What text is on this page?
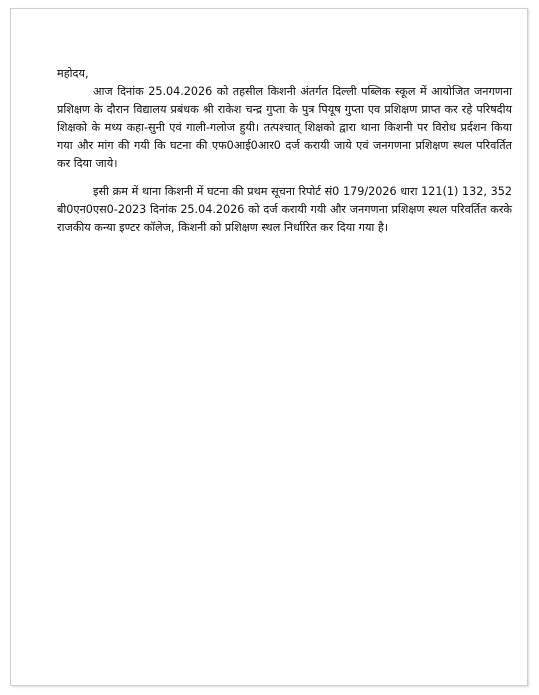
महोदय,

आज दिनांक 25.04.2026 को तहसील किशनी अंतर्गत दिल्ली पब्लिक स्कूल में आयोजित जनगणना प्रशिक्षण के दौरान विद्यालय प्रबंधक श्री राकेश चन्द्र गुप्ता के पुत्र पियूष गुप्ता एव प्रशिक्षण प्राप्त कर रहे परिषदीय शिक्षको के मध्य कहा-सुनी एवं गाली-गलोज हुयी। तत्पश्चात् शिक्षको द्वारा थाना किशनी पर विरोध प्रर्दशन किया गया और मांग की गयी कि घटना की एफ0आई0आर0 दर्ज करायी जाये एवं जनगणना प्रशिक्षण स्थल परिवर्तित कर दिया जाये।

इसी क्रम में थाना किशनी में घटना की प्रथम सूचना रिपोर्ट सं0 179/2026 धारा 121(1) 132, 352 बी0एन0एस0-2023 दिनांक 25.04.2026 को दर्ज करायी गयी और जनगणना प्रशिक्षण स्थल परिवर्तित करके राजकीय कन्या इण्टर कॉलेज, किशनी को प्रशिक्षण स्थल निर्धारित कर दिया गया है।
